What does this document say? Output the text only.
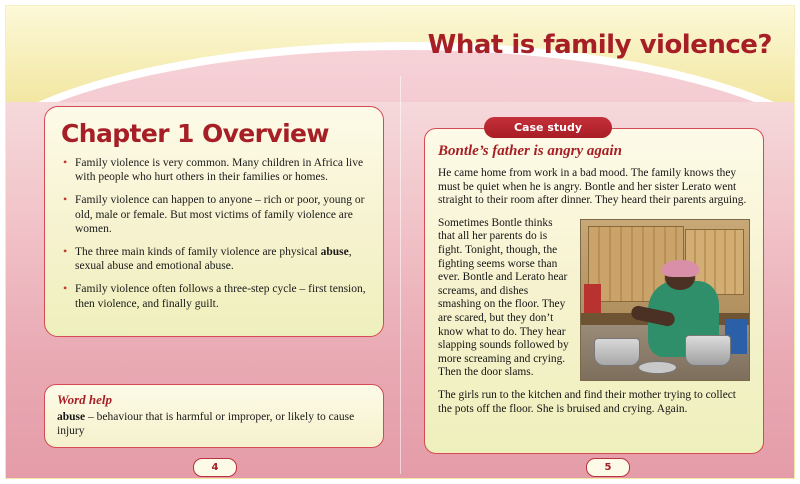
What is family violence?
Chapter 1 Overview
• Family violence is very common. Many children in Africa live with people who hurt others in their families or homes.
• Family violence can happen to anyone – rich or poor, young or old, male or female. But most victims of family violence are women.
• The three main kinds of family violence are physical abuse, sexual abuse and emotional abuse.
• Family violence often follows a three-step cycle – first tension, then violence, and finally guilt.
Word help
abuse – behaviour that is harmful or improper, or likely to cause injury
4
Bontle’s father is angry again

He came home from work in a bad mood. The family knows they must be quiet when he is angry. Bontle and her sister Lerato went straight to their room after dinner. They heard their parents arguing.

Sometimes Bontle thinks that all her parents do is fight. Tonight, though, the fighting seems worse than ever. Bontle and Lerato hear screams, and dishes smashing on the floor. They are scared, but they don’t know what to do. They hear slapping sounds followed by more screaming and crying. Then the door slams.

The girls run to the kitchen and find their mother trying to collect the pots off the floor. She is bruised and crying. Again.

Case study
5
